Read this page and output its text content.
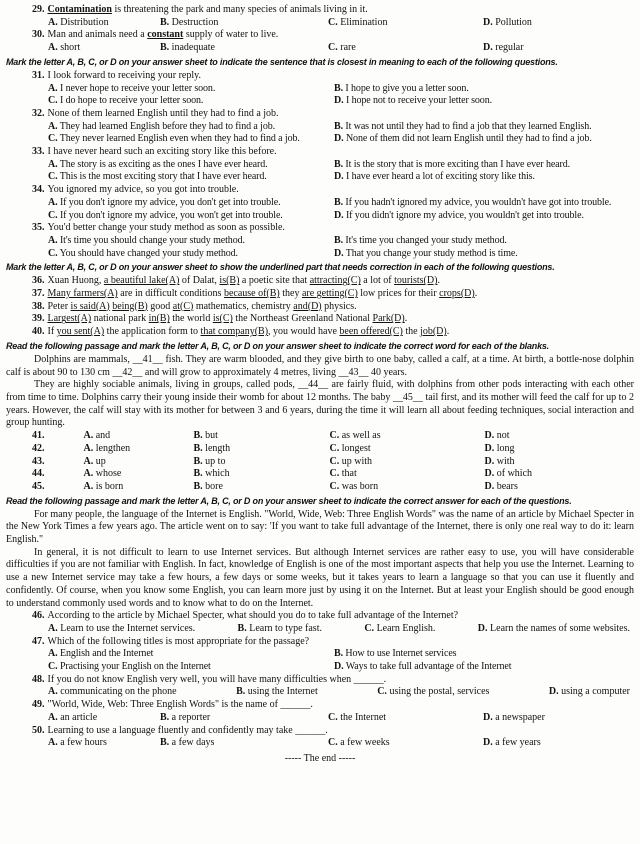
29. Contamination is threatening the park and many species of animals living in it.
A. Distribution	B. Destruction	C. Elimination	D. Pollution
30. Man and animals need a constant supply of water to live.
A. short	B. inadequate	C. rare	D. regular
Mark the letter A, B, C, or D on your answer sheet to indicate the sentence that is closest in meaning to each of the following questions.
31. I look forward to receiving your reply.
A. I never hope to receive your letter soon.	B. I hope to give you a letter soon.
C. I do hope to receive your letter soon.	D. I hope not to receive your letter soon.
32. None of them learned English until they had to find a job.
A. They had learned English before they had to find a job.	B. It was not until they had to find a job that they learned English.
C. They never learned English even when they had to find a job.	D. None of them did not learn English until they had to find a job.
33. I have never heard such an exciting story like this before.
A. The story is as exciting as the ones I have ever heard.	B. It is the story that is more exciting than I have ever heard.
C. This is the most exciting story that I have ever heard.	D. I have ever heard a lot of exciting story like this.
34. You ignored my advice, so you got into trouble.
A. If you don't ignore my advice, you don't get into trouble.	B. If you hadn't ignored my advice, you wouldn't have got into trouble.
C. If you don't ignore my advice, you won't get into trouble.	D. If you didn't ignore my advice, you wouldn't get into trouble.
35. You'd better change your study method as soon as possible.
A. It's time you should change your study method.	B. It's time you changed your study method.
C. You should have changed your study method.	D. That you change your study method is time.
Mark the letter A, B, C, or D on your answer sheet to show the underlined part that needs correction in each of the following questions.
36. Xuan Huong, a beautiful lake(A) of Dalat, is(B) a poetic site that attracting(C) a lot of tourists(D).
37. Many farmers(A) are in difficult conditions because of(B) they are getting(C) low prices for their crops(D).
38. Peter is said(A) being(B) good at(C) mathematics, chemistry and(D) physics.
39. Largest(A) national park in(B) the world is(C) the Northeast Greenland National Park(D).
40. If you sent(A) the application form to that company(B), you would have been offered(C) the job(D).
Read the following passage and mark the letter A, B, C, or D on your answer sheet to indicate the correct word for each of the blanks.

Dolphins are mammals, __41__ fish. They are warm blooded, and they give birth to one baby, called a calf, at a time. At birth, a bottle-nose dolphin calf is about 90 to 130 cm __42__ and will grow to approximately 4 metres, living __43__ 40 years.

They are highly sociable animals, living in groups, called pods, __44__ are fairly fluid, with dolphins from other pods interacting with each other from time to time. Dolphins carry their young inside their womb for about 12 months. The baby __45__ tail first, and its mother will feed the calf for up to 2 years. However, the calf will stay with its mother for between 3 and 6 years, during the time it will learn all about feeding techniques, social interaction and group hunting.

41.	A. and	B. but	C. as well as	D. not
42.	A. lengthen	B. length	C. longest	D. long
43.	A. up	B. up to	C. up with	D. with
44.	A. whose	B. which	C. that	D. of which
45.	A. is born	B. bore	C. was born	D. bears
Read the following passage and mark the letter A, B, C, or D on your answer sheet to indicate the correct answer for each of the questions.

For many people, the language of the Internet is English. "World, Wide, Web: Three English Words" was the name of an article by Michael Specter in the New York Times a few years ago. The article went on to say: 'If you want to take full advantage of the Internet, there is only one real way to do it: learn English."

In general, it is not difficult to learn to use Internet services. But although Internet services are rather easy to use, you will have considerable difficulties if you are not familiar with English. In fact, knowledge of English is one of the most important aspects that help you use the Internet. Learning to use a new Internet service may take a few hours, a few days or some weeks, but it takes years to learn a language so that you can use it fluently and confidently. Of course, when you know some English, you can learn more just by using it on the Internet. But at least your English should be good enough to understand commonly used words and to know what to do on the Internet.

46. According to the article by Michael Specter, what should you do to take full advantage of the Internet?
A. Learn to use the Internet services.	B. Learn to type fast.	C. Learn English.	D. Learn the names of some websites.
47. Which of the following titles is most appropriate for the passage?
A. English and the Internet	B. How to use Internet services
C. Practising your English on the Internet	D. Ways to take full advantage of the Internet
48. If you do not know English very well, you will have many difficulties when ______.
A. communicating on the phone	B. using the Internet	C. using the postal, services	D. using a computer
49. "World, Wide, Web: Three English Words" is the name of ______.
A. an article	B. a reporter	C. the Internet	D. a newspaper
50. Learning to use a language fluently and confidently may take ______.
A. a few hours	B. a few days	C. a few weeks	D. a few years
----- The end -----
